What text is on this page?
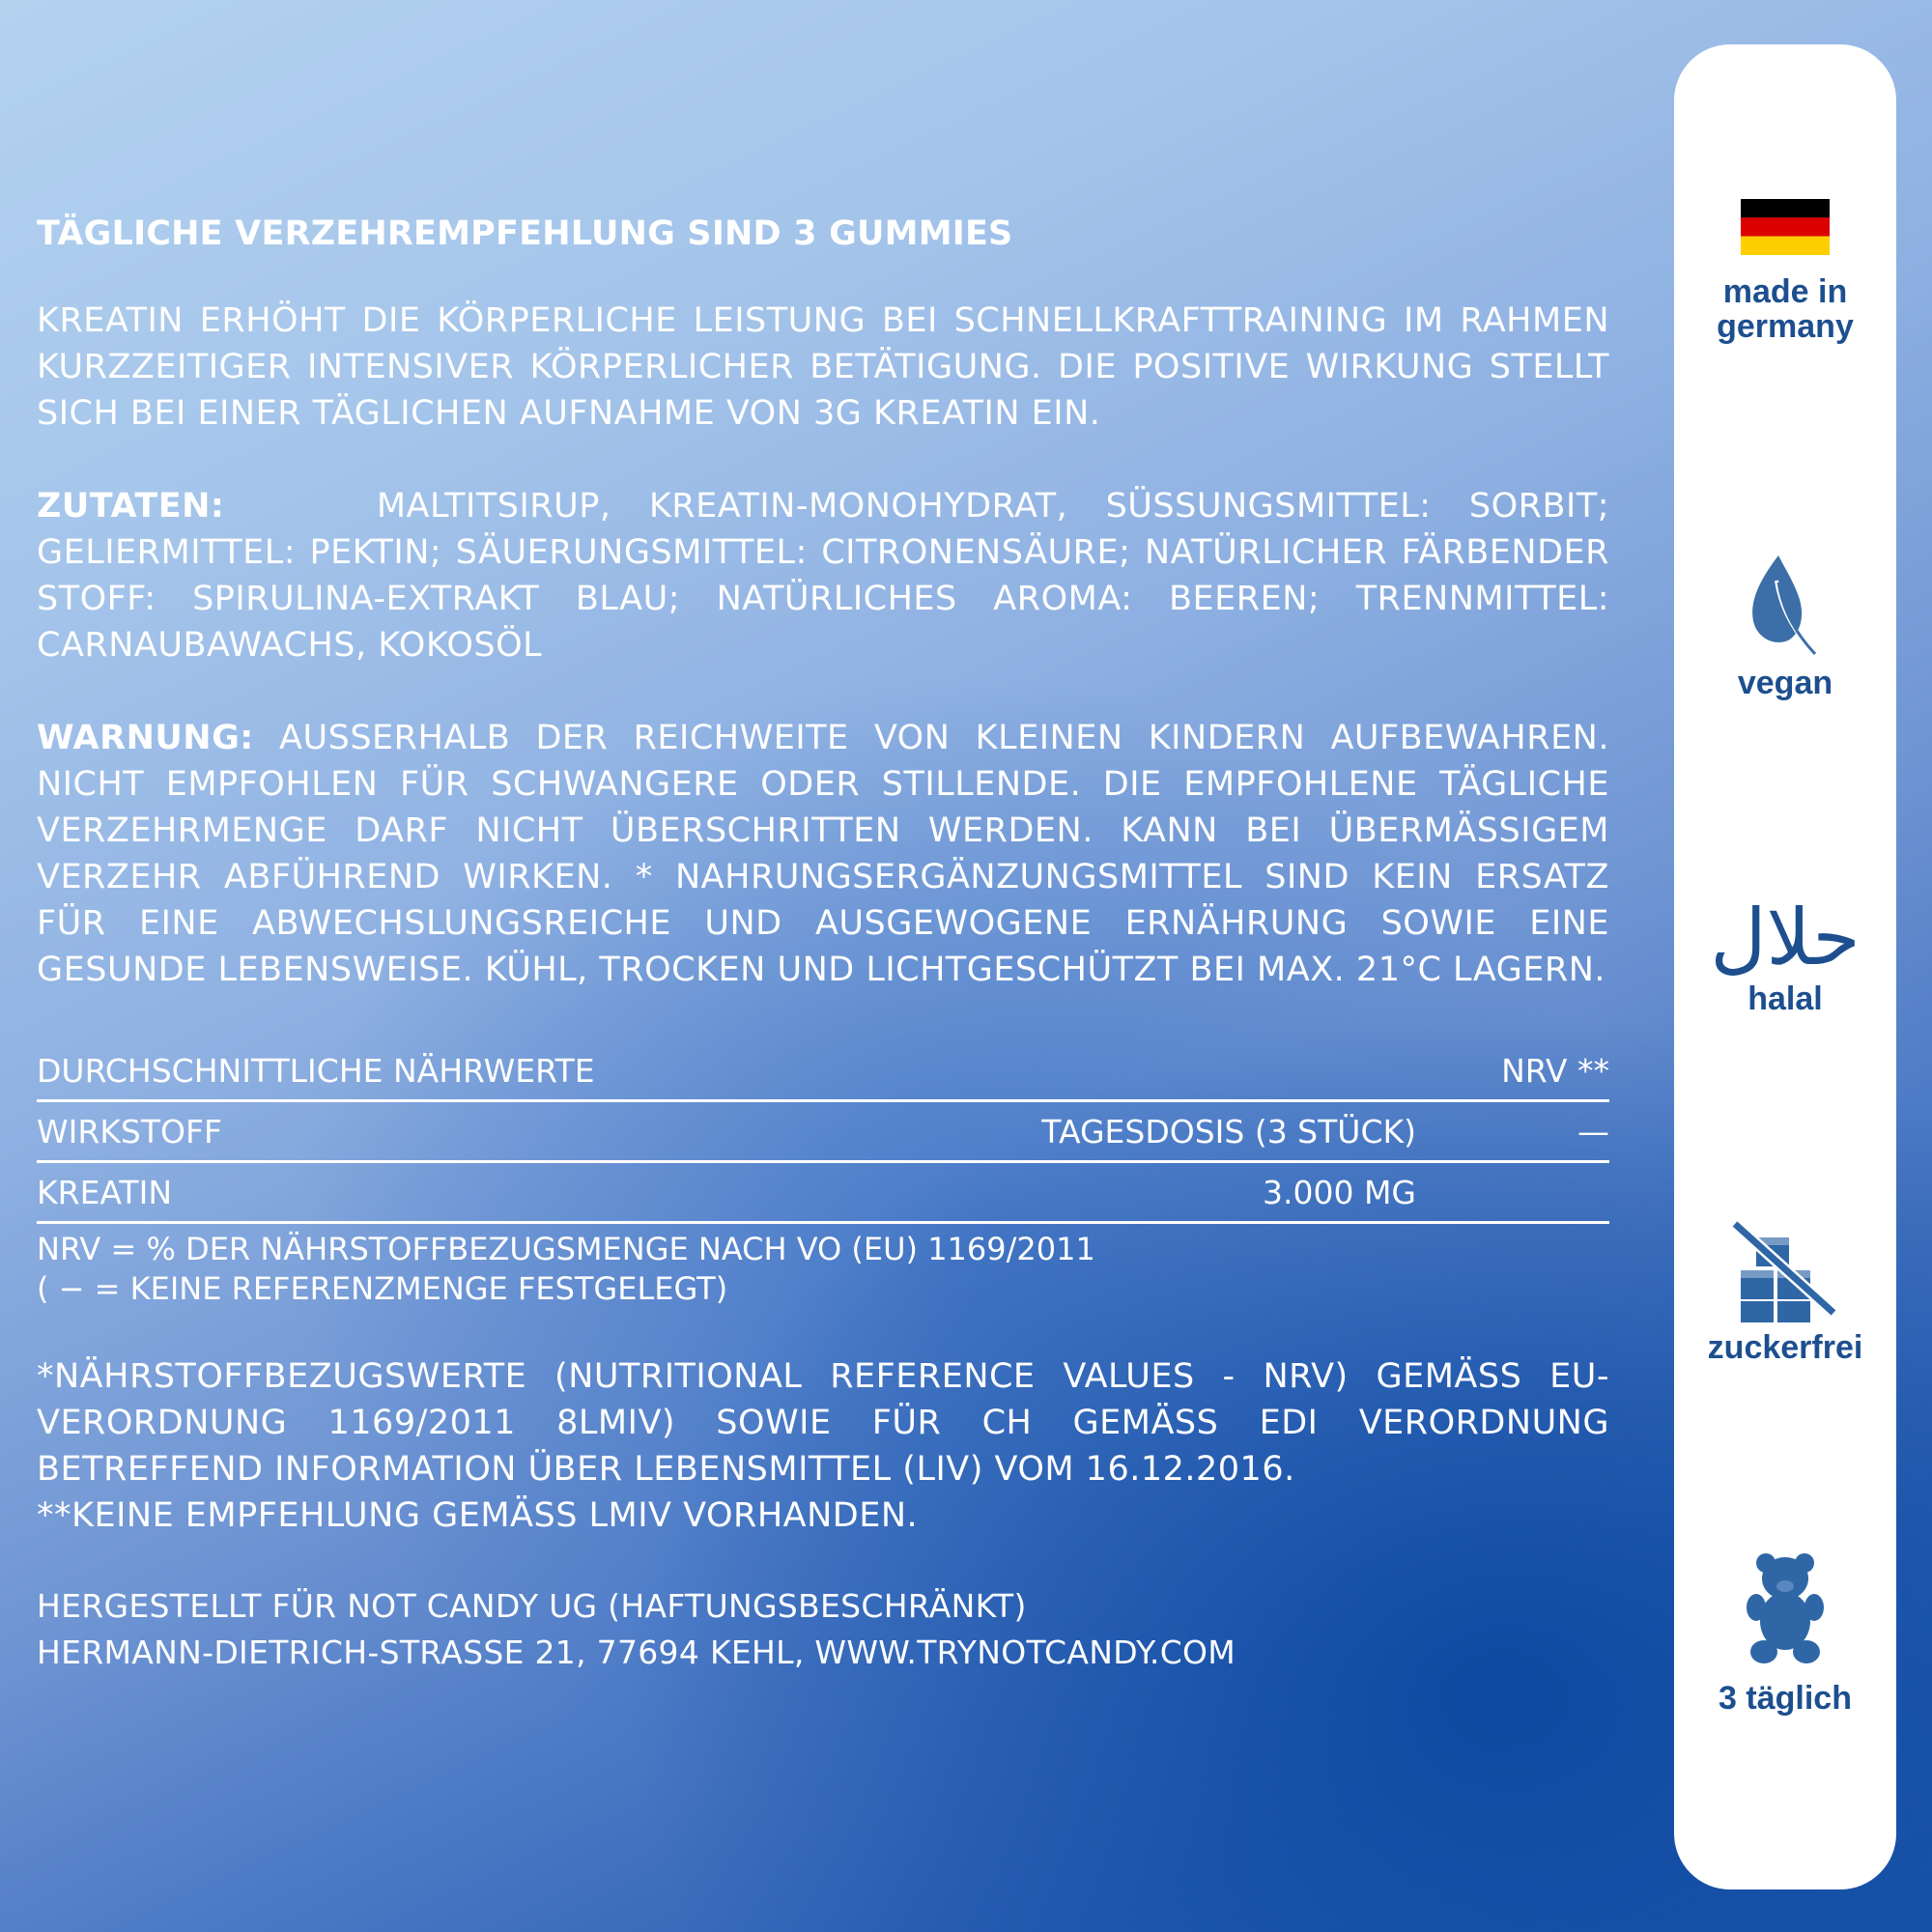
TÄGLICHE VERZEHREMPFEHLUNG SIND 3 GUMMIES

KREATIN ERHÖHT DIE KÖRPERLICHE LEISTUNG BEI SCHNELLKRAFTTRAINING IM RAHMEN KURZZEITIGER INTENSIVER KÖRPERLICHER BETÄTIGUNG. DIE POSITIVE WIRKUNG STELLT SICH BEI EINER TÄGLICHEN AUFNAHME VON 3G KREATIN EIN.

ZUTATEN:	MALTITSIRUP, KREATIN-MONOHYDRAT, SÜSSUNGSMITTEL: SORBIT; GELIERMITTEL: PEKTIN; SÄUERUNGSMITTEL: CITRONENSÄURE; NATÜRLICHER FÄRBENDER STOFF: SPIRULINA-EXTRAKT BLAU; NATÜRLICHES AROMA: BEEREN; TRENNMITTEL: CARNAUBAWACHS, KOKOSÖL

WARNUNG: AUSSERHALB DER REICHWEITE VON KLEINEN KINDERN AUFBEWAHREN. NICHT EMPFOHLEN FÜR SCHWANGERE ODER STILLENDE. DIE EMPFOHLENE TÄGLICHE VERZEHRMENGE DARF NICHT ÜBERSCHRITTEN WERDEN. KANN BEI ÜBERMÄSSIGEM VERZEHR ABFÜHREND WIRKEN. * NAHRUNGSERGÄNZUNGSMITTEL SIND KEIN ERSATZ FÜR EINE ABWECHSLUNGSREICHE UND AUSGEWOGENE ERNÄHRUNG SOWIE EINE GESUNDE LEBENSWEISE. KÜHL, TROCKEN UND LICHTGESCHÜTZT BEI MAX. 21°C LAGERN.

DURCHSCHNITTLICHE NÄHRWERTE	NRV **
WIRKSTOFF	TAGESDOSIS (3 STÜCK)	—
KREATIN	3.000 MG
NRV = % DER NÄHRSTOFFBEZUGSMENGE NACH VO (EU) 1169/2011
( − = KEINE REFERENZMENGE FESTGELEGT)
*NÄHRSTOFFBEZUGSWERTE (NUTRITIONAL REFERENCE VALUES - NRV) GEMÄSS EU-VERORDNUNG 1169/2011 8LMIV) SOWIE FÜR CH GEMÄSS EDI VERORDNUNG BETREFFEND INFORMATION ÜBER LEBENSMITTEL (LIV) VOM 16.12.2016.
**KEINE EMPFEHLUNG GEMÄSS LMIV VORHANDEN.
HERGESTELLT FÜR NOT CANDY UG (HAFTUNGSBESCHRÄNKT)
HERMANN-DIETRICH-STRASSE 21, 77694 KEHL, WWW.TRYNOTCANDY.COM
made in
germany
vegan
حلال
halal
zuckerfrei
3 täglich
